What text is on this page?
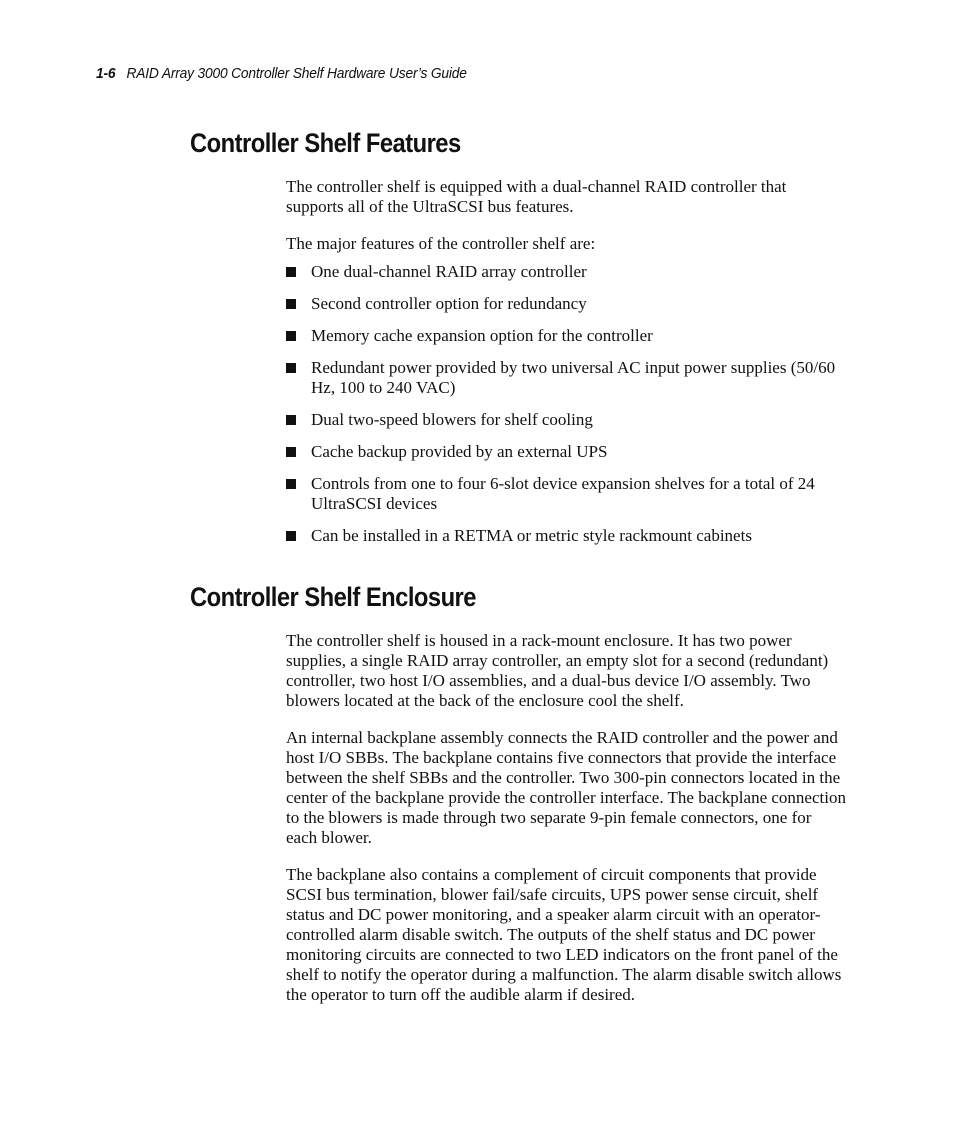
1-6 RAID Array 3000 Controller Shelf Hardware User’s Guide
Controller Shelf Features

The controller shelf is equipped with a dual-channel RAID controller that supports all of the UltraSCSI bus features.

The major features of the controller shelf are:

One dual-channel RAID array controller
Second controller option for redundancy
Memory cache expansion option for the controller
Redundant power provided by two universal AC input power supplies (50/60 Hz, 100 to 240 VAC)
Dual two-speed blowers for shelf cooling
Cache backup provided by an external UPS
Controls from one to four 6-slot device expansion shelves for a total of 24 UltraSCSI devices
Can be installed in a RETMA or metric style rackmount cabinets
Controller Shelf Enclosure

The controller shelf is housed in a rack-mount enclosure. It has two power supplies, a single RAID array controller, an empty slot for a second (redundant) controller, two host I/O assemblies, and a dual-bus device I/O assembly. Two blowers located at the back of the enclosure cool the shelf.

An internal backplane assembly connects the RAID controller and the power and host I/O SBBs. The backplane contains five connectors that provide the interface between the shelf SBBs and the controller. Two 300-pin connectors located in the center of the backplane provide the controller interface. The backplane connection to the blowers is made through two separate 9-pin female connectors, one for each blower.

The backplane also contains a complement of circuit components that provide SCSI bus termination, blower fail/safe circuits, UPS power sense circuit, shelf status and DC power monitoring, and a speaker alarm circuit with an operator-controlled alarm disable switch. The outputs of the shelf status and DC power monitoring circuits are connected to two LED indicators on the front panel of the shelf to notify the operator during a malfunction. The alarm disable switch allows the operator to turn off the audible alarm if desired.
